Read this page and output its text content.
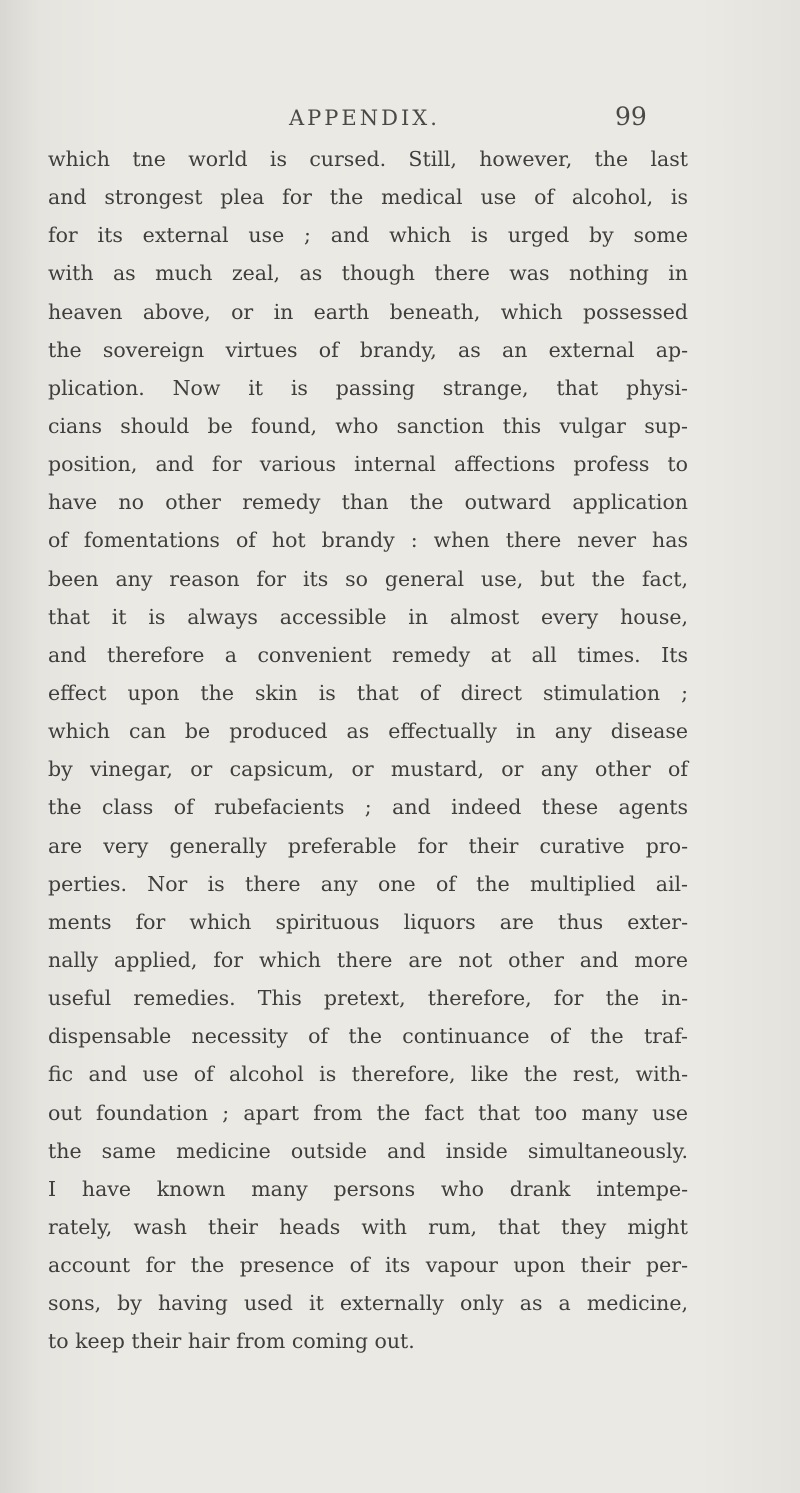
APPENDIX.	99
which tne world is cursed. Still, however, the last
and strongest plea for the medical use of alcohol, is
for its external use ; and which is urged by some
with as much zeal, as though there was nothing in
heaven above, or in earth beneath, which possessed
the sovereign virtues of brandy, as an external ap-
plication. Now it is passing strange, that physi-
cians should be found, who sanction this vulgar sup-
position, and for various internal affections profess to
have no other remedy than the outward application
of fomentations of hot brandy : when there never has
been any reason for its so general use, but the fact,
that it is always accessible in almost every house,
and therefore a convenient remedy at all times. Its
effect upon the skin is that of direct stimulation ;
which can be produced as effectually in any disease
by vinegar, or capsicum, or mustard, or any other of
the class of rubefacients ; and indeed these agents
are very generally preferable for their curative pro-
perties. Nor is there any one of the multiplied ail-
ments for which spirituous liquors are thus exter-
nally applied, for which there are not other and more
useful remedies. This pretext, therefore, for the in-
dispensable necessity of the continuance of the traf-
fic and use of alcohol is therefore, like the rest, with-
out foundation ; apart from the fact that too many use
the same medicine outside and inside simultaneously.
I have known many persons who drank intempe-
rately, wash their heads with rum, that they might
account for the presence of its vapour upon their per-
sons, by having used it externally only as a medicine,
to keep their hair from coming out.
